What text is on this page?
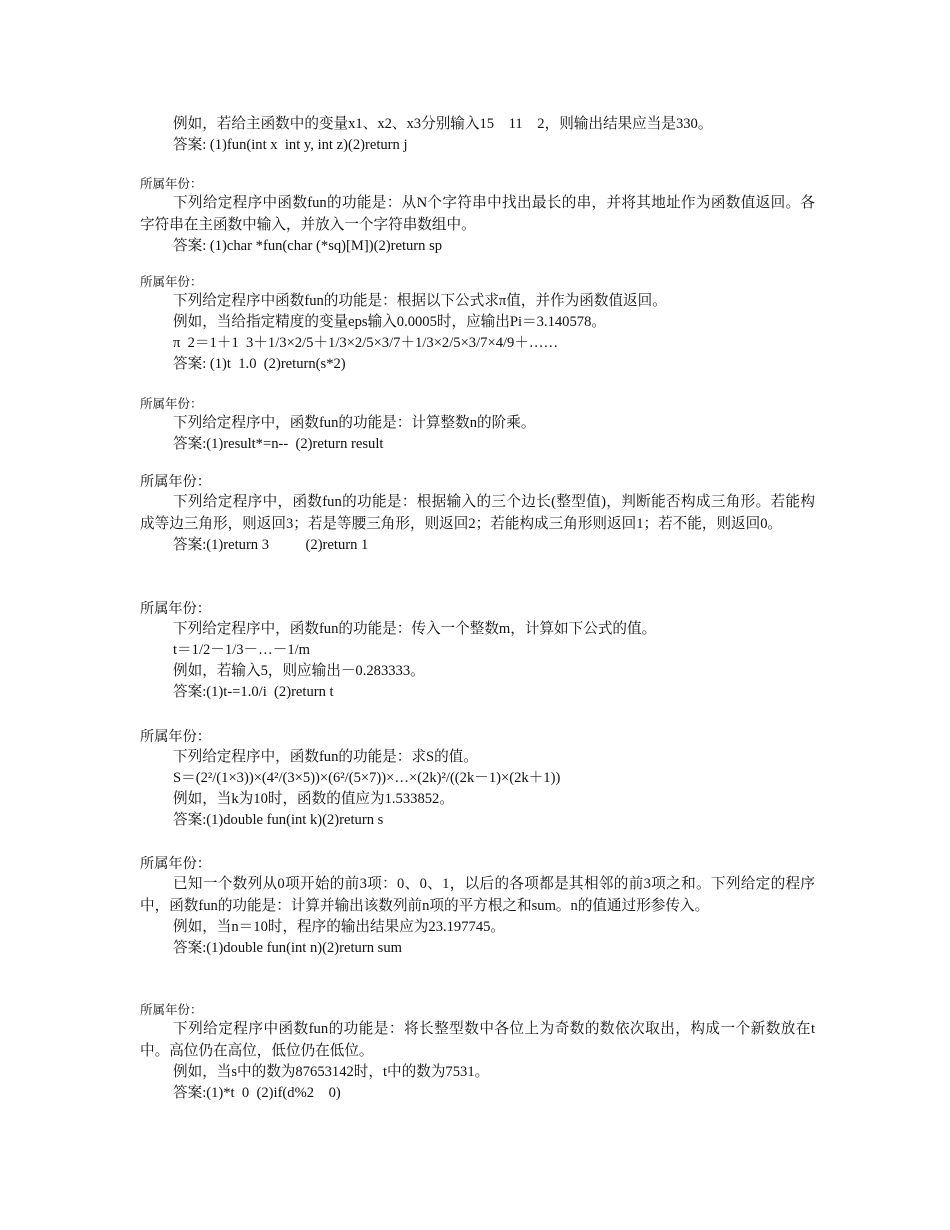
例如，若给主函数中的变量x1、x2、x3分别输入15　11　2，则输出结果应当是330。
答案: (1)fun(int x  int y, int z)(2)return j
所属年份：
下列给定程序中函数fun的功能是：从N个字符串中找出最长的串，并将其地址作为函数值返回。各字符串在主函数中输入，并放入一个字符串数组中。
答案: (1)char *fun(char (*sq)[M])(2)return sp
所属年份：
下列给定程序中函数fun的功能是：根据以下公式求π值，并作为函数值返回。
例如，当给指定精度的变量eps输入0.0005时，应输出Pi＝3.140578。
π  2＝1＋1  3＋1/3×2/5＋1/3×2/5×3/7＋1/3×2/5×3/7×4/9＋……
答案: (1)t  1.0  (2)return(s*2)
所属年份：
下列给定程序中，函数fun的功能是：计算整数n的阶乘。
答案:(1)result*=n--  (2)return result
所属年份：
下列给定程序中，函数fun的功能是：根据输入的三个边长(整型值)，判断能否构成三角形。若能构成等边三角形，则返回3；若是等腰三角形，则返回2；若能构成三角形则返回1；若不能，则返回0。
答案:(1)return 3          (2)return 1
所属年份：
下列给定程序中，函数fun的功能是：传入一个整数m，计算如下公式的值。
t＝1/2－1/3－…－1/m
例如，若输入5，则应输出－0.283333。
答案:(1)t-=1.0/i  (2)return t
所属年份：
下列给定程序中，函数fun的功能是：求S的值。
S＝(2²/(1×3))×(4²/(3×5))×(6²/(5×7))×…×(2k)²/((2k－1)×(2k＋1))
例如，当k为10时，函数的值应为1.533852。
答案:(1)double fun(int k)(2)return s
所属年份：
已知一个数列从0项开始的前3项：0、0、1，以后的各项都是其相邻的前3项之和。下列给定的程序中，函数fun的功能是：计算并输出该数列前n项的平方根之和sum。n的值通过形参传入。
例如，当n＝10时，程序的输出结果应为23.197745。
答案:(1)double fun(int n)(2)return sum
所属年份：
下列给定程序中函数fun的功能是：将长整型数中各位上为奇数的数依次取出，构成一个新数放在t中。高位仍在高位，低位仍在低位。
例如，当s中的数为87653142时，t中的数为7531。
答案:(1)*t  0  (2)if(d%2    0)
